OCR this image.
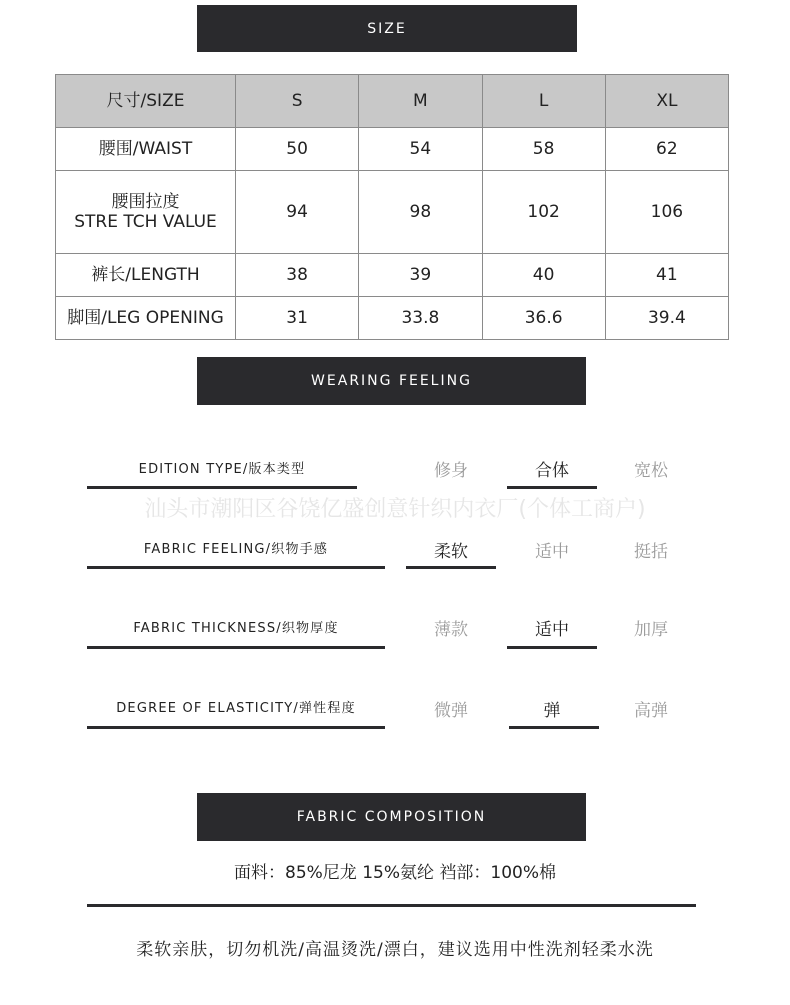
SIZE
尺寸/SIZE	S	M	L	XL

腰围/WAIST	50	54	58	62

腰围拉度
STRE TCH VALUE	94	98	102	106

裤长/LENGTH	38	39	40	41

脚围/LEG OPENING	31	33.8	36.6	39.4
WEARING FEELING
汕头市潮阳区谷饶亿盛创意针织内衣厂(个体工商户)
EDITION TYPE/版本类型	修身	合体	宽松
FABRIC FEELING/织物手感	柔软	适中	挺括
FABRIC THICKNESS/织物厚度	薄款	适中	加厚
DEGREE OF ELASTICITY/弹性程度	微弹	弹	高弹
FABRIC COMPOSITION
面料：85%尼龙 15%氨纶 裆部：100%棉
柔软亲肤，切勿机洗/高温烫洗/漂白，建议选用中性洗剂轻柔水洗
